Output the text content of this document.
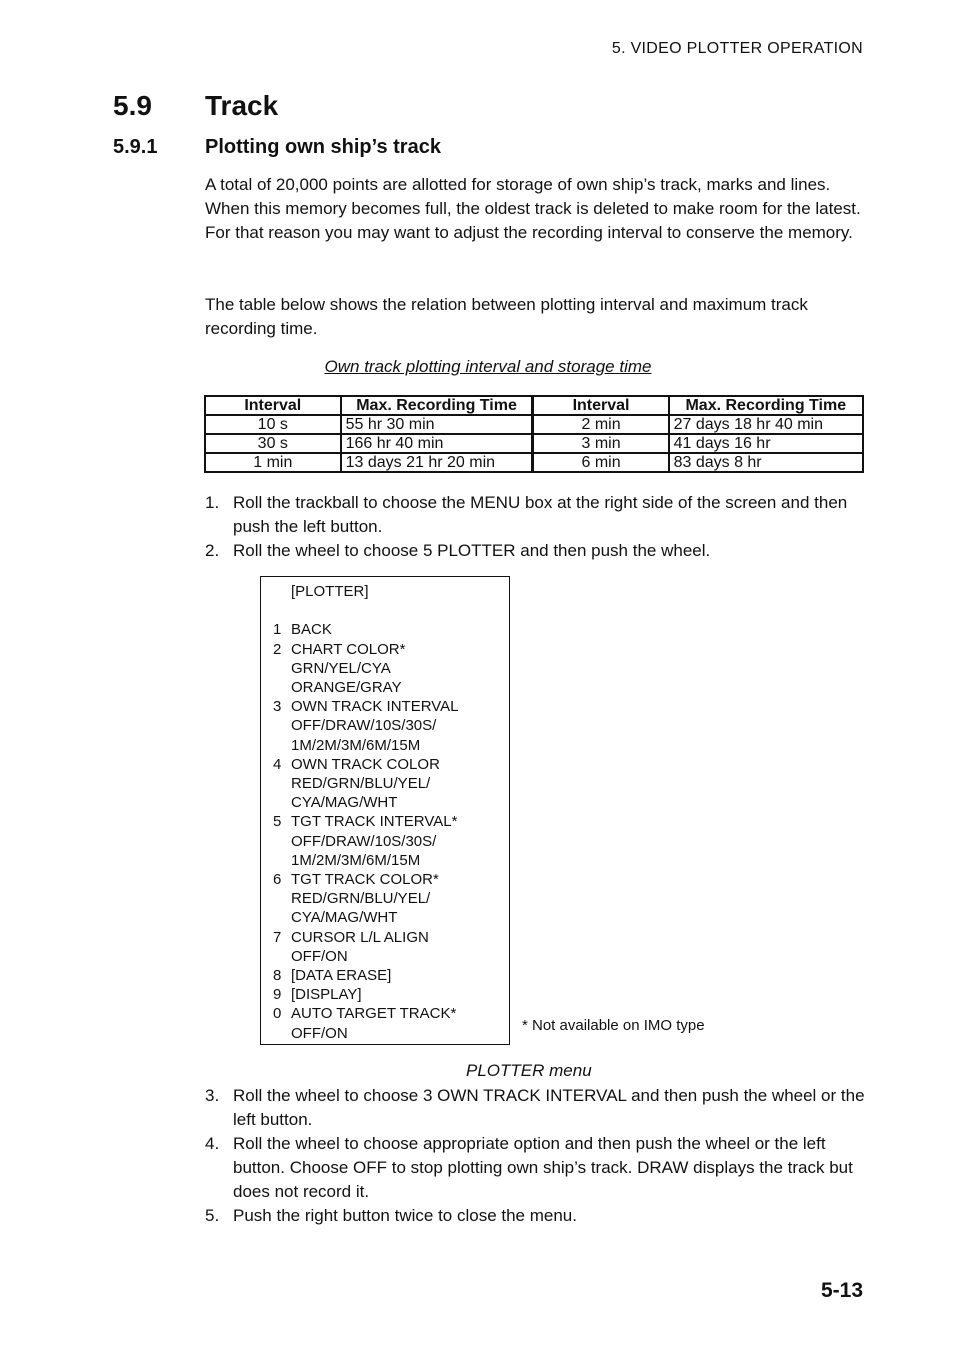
5. VIDEO PLOTTER OPERATION
5.9 Track
5.9.1 Plotting own ship’s track
A total of 20,000 points are allotted for storage of own ship’s track, marks and lines. When this memory becomes full, the oldest track is deleted to make room for the latest. For that reason you may want to adjust the recording interval to conserve the memory.
The table below shows the relation between plotting interval and maximum track recording time.
Own track plotting interval and storage time
Interval	Max. Recording Time	Interval	Max. Recording Time
10 s	55 hr 30 min	2 min	27 days 18 hr 40 min
30 s	166 hr 40 min	3 min	41 days 16 hr
1 min	13 days 21 hr 20 min	6 min	83 days 8 hr
1. Roll the trackball to choose the MENU box at the right side of the screen and then push the left button.
2. Roll the wheel to choose 5 PLOTTER and then push the wheel.
[PLOTTER]

1 BACK
2 CHART COLOR*
GRN/YEL/CYA
ORANGE/GRAY
3 OWN TRACK INTERVAL
OFF/DRAW/10S/30S/
1M/2M/3M/6M/15M
4 OWN TRACK COLOR
RED/GRN/BLU/YEL/
CYA/MAG/WHT
5 TGT TRACK INTERVAL*
OFF/DRAW/10S/30S/
1M/2M/3M/6M/15M
6 TGT TRACK COLOR*
RED/GRN/BLU/YEL/
CYA/MAG/WHT
7 CURSOR L/L ALIGN
OFF/ON
8 [DATA ERASE]
9 [DISPLAY]
0 AUTO TARGET TRACK*
OFF/ON	* Not available on IMO type
PLOTTER menu
3. Roll the wheel to choose 3 OWN TRACK INTERVAL and then push the wheel or the left button.
4. Roll the wheel to choose appropriate option and then push the wheel or the left button. Choose OFF to stop plotting own ship’s track. DRAW displays the track but does not record it.
5. Push the right button twice to close the menu.
5-13
